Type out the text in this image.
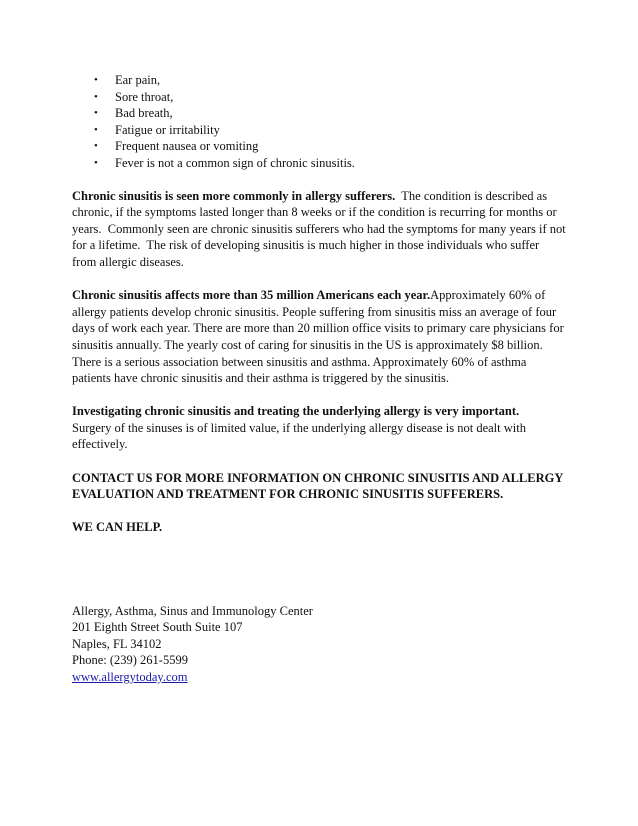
• Ear pain,
• Sore throat,
• Bad breath,
• Fatigue or irritability
• Frequent nausea or vomiting
• Fever is not a common sign of chronic sinusitis.

Chronic sinusitis is seen more commonly in allergy sufferers.  The condition is described as chronic, if the symptoms lasted longer than 8 weeks or if the condition is recurring for months or years.  Commonly seen are chronic sinusitis sufferers who had the symptoms for many years if not for a lifetime.  The risk of developing sinusitis is much higher in those individuals who suffer from allergic diseases.

Chronic sinusitis affects more than 35 million Americans each year.Approximately 60% of allergy patients develop chronic sinusitis. People suffering from sinusitis miss an average of four days of work each year. There are more than 20 million office visits to primary care physicians for sinusitis annually. The yearly cost of caring for sinusitis in the US is approximately $8 billion. There is a serious association between sinusitis and asthma. Approximately 60% of asthma patients have chronic sinusitis and their asthma is triggered by the sinusitis.

Investigating chronic sinusitis and treating the underlying allergy is very important.
Surgery of the sinuses is of limited value, if the underlying allergy disease is not dealt with effectively.

CONTACT US FOR MORE INFORMATION ON CHRONIC SINUSITIS AND ALLERGY EVALUATION AND TREATMENT FOR CHRONIC SINUSITIS SUFFERERS.
WE CAN HELP.
Allergy, Asthma, Sinus and Immunology Center
201 Eighth Street South Suite 107
Naples, FL 34102
Phone: (239) 261-5599
www.allergytoday.com
